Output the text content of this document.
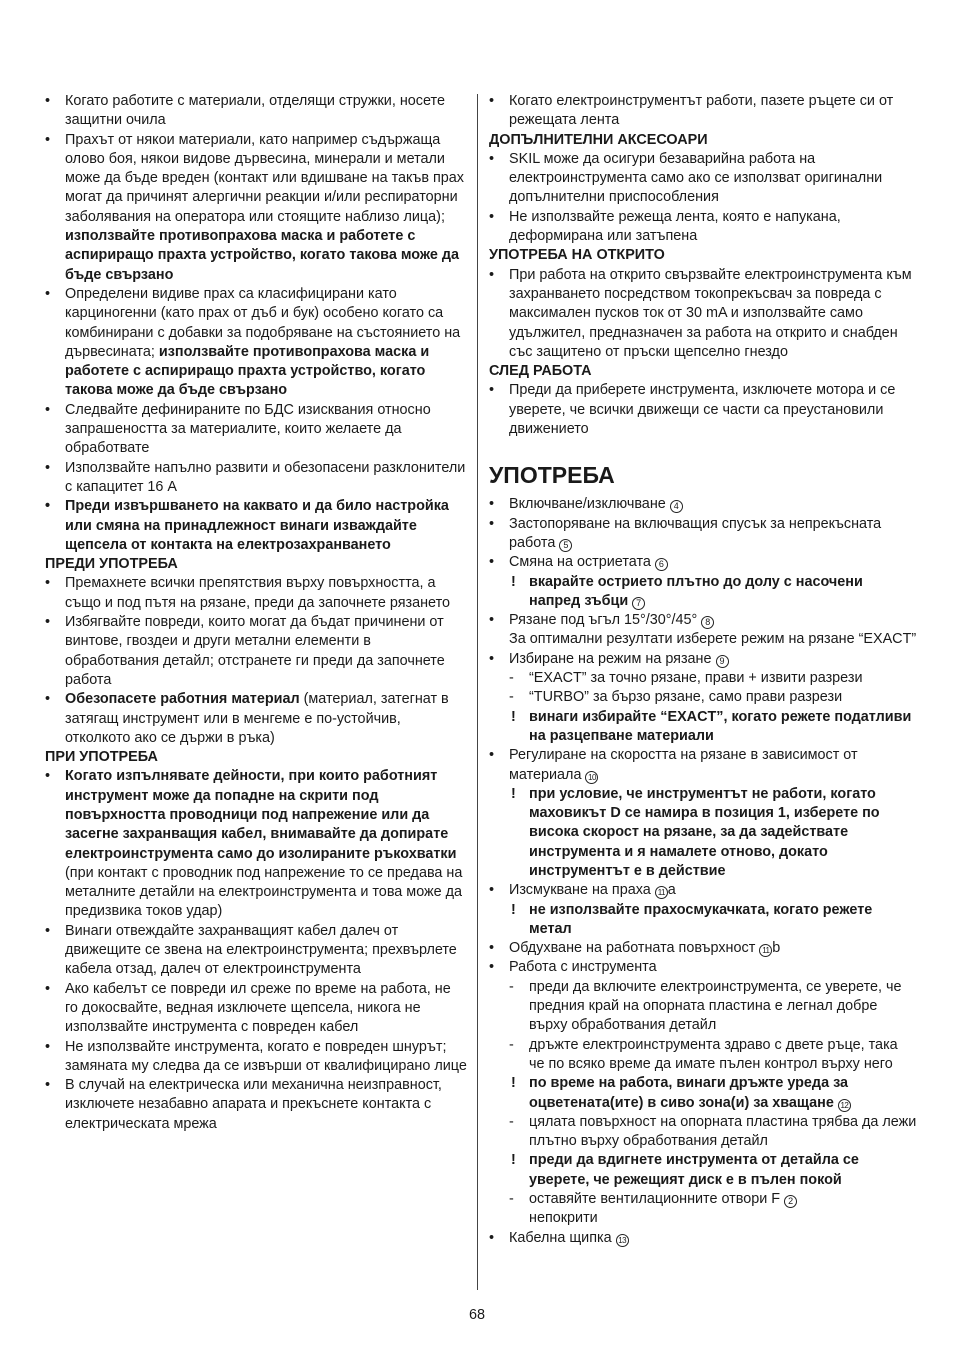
• Когато работите с материали, отделящи стружки, носете защитни очила
• Прахът от някои материали, като например съдържаща олово боя, някои видове дървесина, минерали и метали може да бъде вреден (контакт или вдишване на такъв прах могат да причинят алергични реакции и/или респираторни заболявания на оператора или стоящите наблизо лица); използвайте противопрахова маска и работете с аспириращо прахта устройство, когато такова може да бъде свързано
• Определени видиве прах са класифицирани като карциногенни (като прах от дъб и бук) особено когато са комбинирани с добавки за подобряване на състоянието на дървесината; използвайте противопрахова маска и работете с аспириращо прахта устройство, когато такова може да бъде свързано
• Следвайте дефинираните по БДС изисквания относно запрашеността за материалите, които желаете да обработвате
• Използвайте напълно развити и обезопасени разклонители с капацитет 16 A
• Преди извършването на каквато и да било настройка или смяна на принадлежност винаги изваждайте щепсела от контакта на електрозахранването
ПРЕДИ УПОТРЕБА
• Премахнете всички препятствия върху повърхността, а също и под пътя на рязане, преди да започнете рязането
• Избягвайте повреди, които могат да бъдат причинени от винтове, гвоздеи и други метални елементи в обработвания детайл; отстранете ги преди да започнете работа
• Обезопасете работния материал (материал, затегнат в затягащ инструмент или в менгеме е по-устойчив, отколкото ако се държи в ръка)
ПРИ УПОТРЕБА
• Когато изпълнявате дейности, при които работният инструмент може да попадне на скрити под повърхността проводници под напрежение или да засегне захранващия кабел, внимавайте да допирате електроинструмента само до изолираните ръкохватки (при контакт с проводник под напрежение то се предава на металните детайли на електроинструмента и това може да предизвика токов удар)
• Винаги отвеждайте захранващият кабел далеч от движещите се звена на електроинструмента; прехвърлете кабела отзад, далеч от електроинструмента
• Ако кабелът се повреди ил среже по време на работа, не го докосвайте, ведная изключете щепсела, никога не използвайте инструмента с повреден кабел
• Не използвайте инструмента, когато е повреден шнурът; замяната му следва да се извърши от квалифицирано лице
• В случай на електрическа или механична неизправност, изключете незабавно апарата и прекъснете контакта с електрическата мрежа
• Когато електроинструментът работи, пазете ръцете си от режещата лента
ДОПЪЛНИТЕЛНИ АКСЕСОАРИ
• SKIL може да осигури безаварийна работа на електроинструмента само ако се използват оригинални допълнителни приспособления
• Не използвайте режеща лента, която е напукана, деформирана или затъпена
УПОТРЕБА НА ОТКРИТО
• При работа на открито свързвайте електроинструмента към захранването посредством токопрекъсвач за повреда с максимален пусков ток от 30 mA и използвайте само удължител, предназначен за работа на открито и снабден със защитено от пръски щепселно гнездо
СЛЕД РАБОТА
• Преди да приберете инструмента, изключете мотора и се уверете, че всички движещи се части са преустановили движението
УПОТРЕБА
• Включване/изключване 4
• Застопоряване на включващия спусък за непрекъсната работа 5
• Смяна на остриетата 6
! вкарайте острието плътно до долу с насочени напред зъбци 7
• Рязане под ъгъл 15°/30°/45° 8
За оптимални резултати изберете режим на рязане “EXACT”
• Избиране на режим на рязане 9
- “EXACT” за точно рязане, прави + извити разрези
- “TURBO” за бързо рязане, само прави разрези
! винаги избирайте “EXACT”, когато режете податливи на разцепване материали
• Регулиране на скоростта на рязане в зависимост от материала 10
! при условие, че инструментът не работи, когато маховикът D се намира в позиция 1, изберете по висока скорост на рязане, за да задействате инструмента и я намалете отново, докато инструментът е в действие
• Изсмукване на праха 11 a
! не използвайте прахосмукачката, когато режете метал
• Обдухване на работната повърхност 11 b
• Работа с инструмента
- преди да включите електроинструмента, се уверете, че предния край на опорната пластина е легнал добре върху обработвания детайл
- дръжте електроинструмента здраво с двете ръце, така че по всяко време да имате пълен контрол върху него
! по време на работа, винаги дръжте уреда за оцветената(ите) в сиво зона(и) за хващане 12
- цялата повърхност на опорната пластина трябва да лежи плътно върху обработвания детайл
! преди да вдигнете инструмента от детайла се уверете, че режещият диск е в пълен покой
- оставяйте вентилационните отвори F 2
непокрити
• Кабелна щипка 13
68
